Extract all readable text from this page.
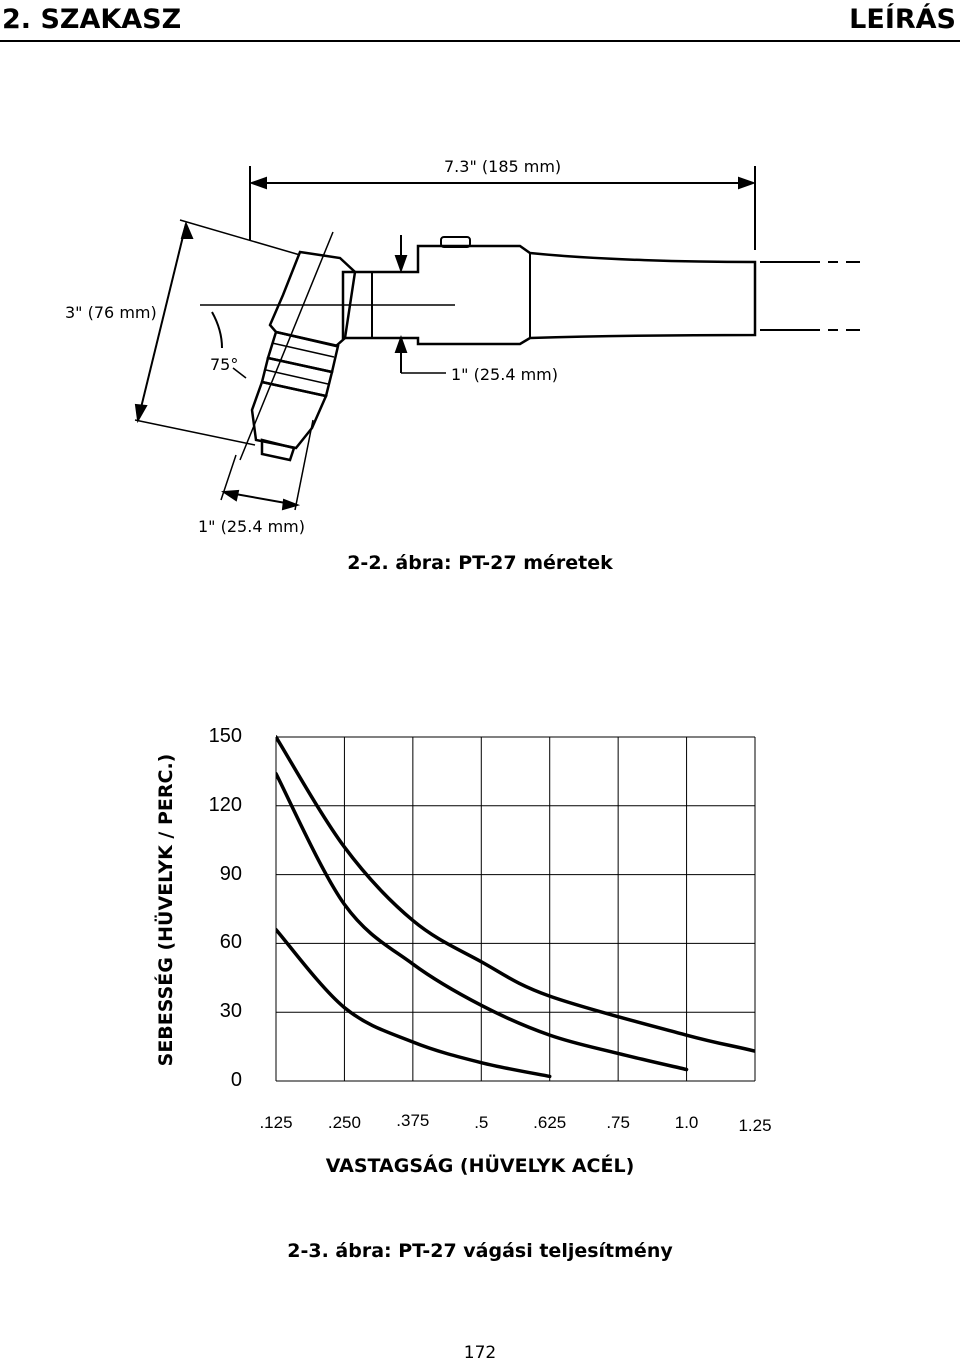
2. SZAKASZ	LEÍRÁS
7.3" (185 mm)
3" (76 mm)
75°
1" (25.4 mm)
1" (25.4 mm)
2-2. ábra: PT-27 méretek
150
120
90
60
30
0
.125 .250 .375	.5	.625 .75	1.0 1.25
SEBESSÉG (HÜVELYK / PERC.)
VASTAGSÁG (HÜVELYK ACÉL)
2-3. ábra: PT-27 vágási teljesítmény
172
